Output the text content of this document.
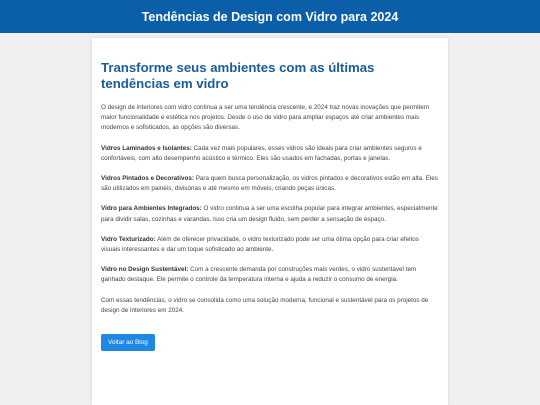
Tendências de Design com Vidro para 2024
Transforme seus ambientes com as últimas tendências em vidro

O design de interiores com vidro continua a ser uma tendência crescente, e 2024 traz novas inovações que permitem maior funcionalidade e estética nos projetos. Desde o uso de vidro para ampliar espaços até criar ambientes mais modernos e sofisticados, as opções são diversas.

Vidros Laminados e Isolantes: Cada vez mais populares, esses vidros são ideais para criar ambientes seguros e confortáveis, com alto desempenho acústico e térmico. Eles são usados em fachadas, portas e janelas.

Vidros Pintados e Decorativos: Para quem busca personalização, os vidros pintados e decorativos estão em alta. Eles são utilizados em painéis, divisórias e até mesmo em móveis, criando peças únicas.

Vidro para Ambientes Integrados: O vidro continua a ser uma escolha popular para integrar ambientes, especialmente para dividir salas, cozinhas e varandas. Isso cria um design fluido, sem perder a sensação de espaço.

Vidro Texturizado: Além de oferecer privacidade, o vidro texturizado pode ser uma ótima opção para criar efeitos visuais interessantes e dar um toque sofisticado ao ambiente.

Vidro no Design Sustentável: Com a crescente demanda por construções mais verdes, o vidro sustentável tem ganhado destaque. Ele permite o controle da temperatura interna e ajuda a reduzir o consumo de energia.

Com essas tendências, o vidro se consolida como uma solução moderna, funcional e sustentável para os projetos de design de interiores em 2024.

Voltar ao Blog
